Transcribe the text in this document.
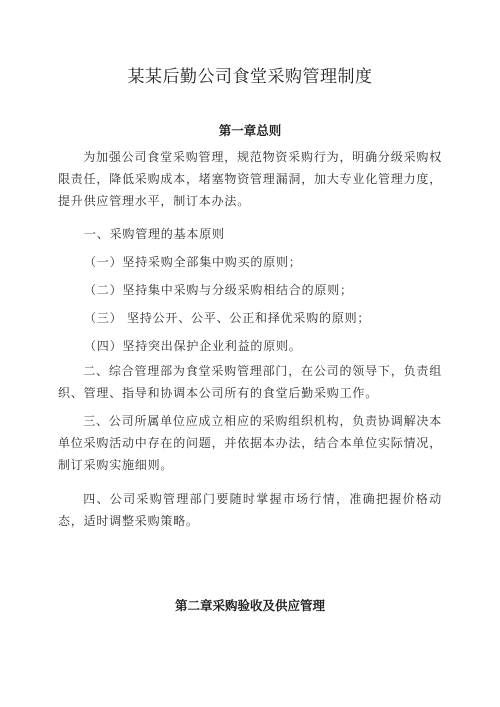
某某后勤公司食堂采购管理制度
第一章总则
为加强公司食堂采购管理，规范物资采购行为，明确分级采购权限责任，降低采购成本，堵塞物资管理漏洞，加大专业化管理力度，提升供应管理水平，制订本办法。
一、采购管理的基本原则
（一）坚持采购全部集中购买的原则；
（二）坚持集中采购与分级采购相结合的原则；
（三） 坚持公开、公平、公正和择优采购的原则；
（四）坚持突出保护企业利益的原则。
二、综合管理部为食堂采购管理部门，在公司的领导下，负责组织、管理、指导和协调本公司所有的食堂后勤采购工作。
三、公司所属单位应成立相应的采购组织机构，负责协调解决本单位采购活动中存在的问题，并依据本办法，结合本单位实际情况，制订采购实施细则。
四、公司采购管理部门要随时掌握市场行情，准确把握价格动态，适时调整采购策略。
第二章采购验收及供应管理
